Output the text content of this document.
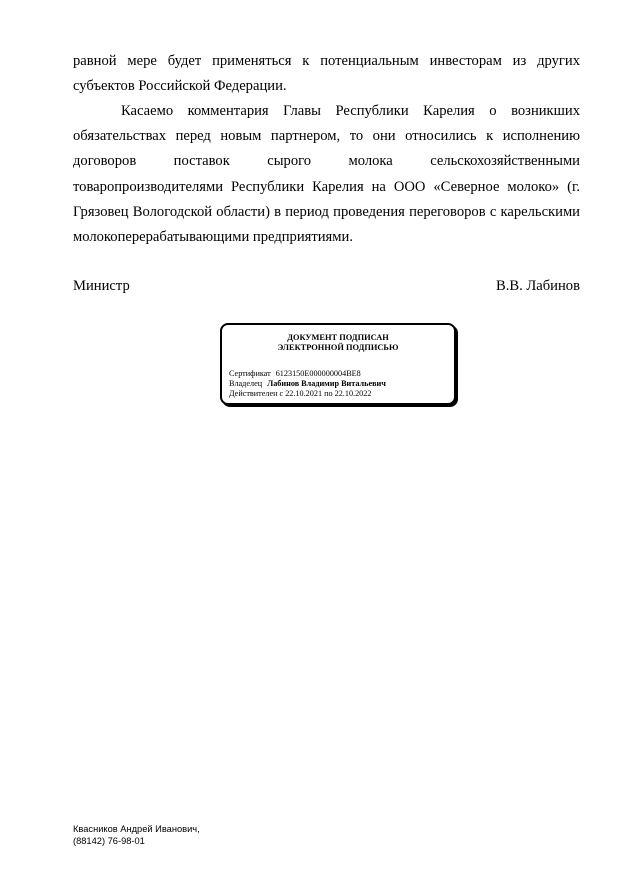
равной мере будет применяться к потенциальным инвесторам из других субъектов Российской Федерации.
Касаемо комментария Главы Республики Карелия о возникших обязательствах перед новым партнером, то они относились к исполнению договоров поставок сырого молока сельскохозяйственными товаропроизводителями Республики Карелия на ООО «Северное молоко» (г. Грязовец Вологодской области) в период проведения переговоров с карельскими молокоперерабатывающими предприятиями.
Министр	В.В. Лабинов
ДОКУМЕНТ ПОДПИСАН
ЭЛЕКТРОННОЙ ПОДПИСЬЮ
Сертификат 6123150E000000004BE8
Владелец Лабинов Владимир Витальевич
Действителен с 22.10.2021 по 22.10.2022
Квасников Андрей Иванович,
(88142) 76-98-01
